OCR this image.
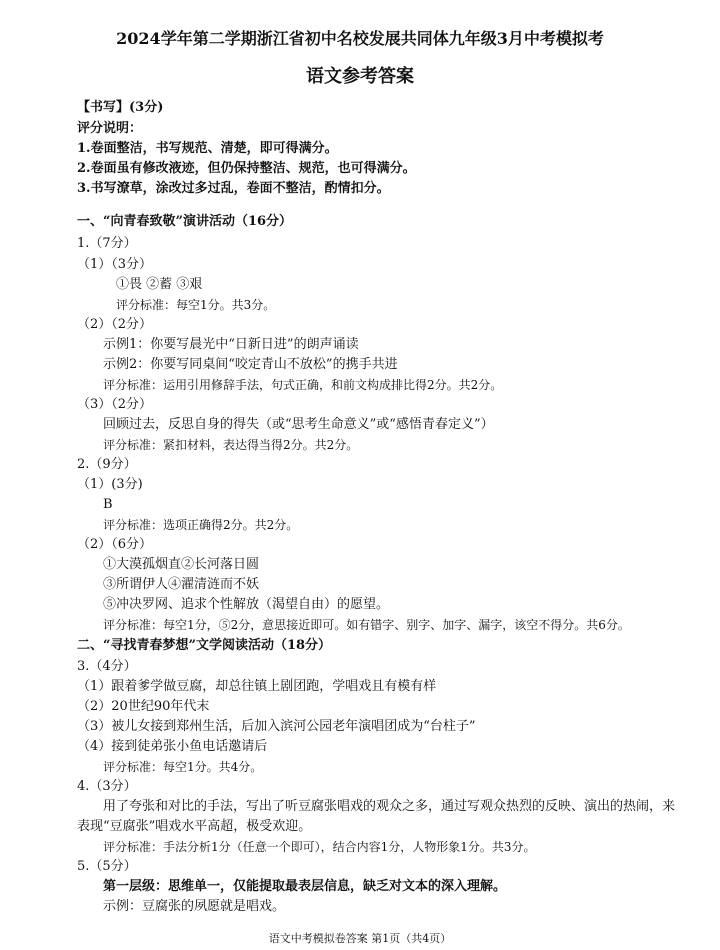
2024学年第二学期浙江省初中名校发展共同体九年级3月中考模拟考
语文参考答案
【书写】(3分)
评分说明：
1.卷面整洁，书写规范、清楚，即可得满分。
2.卷面虽有修改液迹，但仍保持整洁、规范，也可得满分。
3.书写潦草，涂改过多过乱，卷面不整洁，酌情扣分。
一、“向青春致敬”演讲活动（16分）
1.（7分）
（1）（3分）
①畏 ②蓄 ③艰
评分标准：每空1分。共3分。
（2）（2分）
示例1：你要写晨光中“日新日进”的朗声诵读
示例2：你要写同桌间“咬定青山不放松”的携手共进
评分标准：运用引用修辞手法，句式正确，和前文构成排比得2分。共2分。
（3）（2分）
回顾过去，反思自身的得失（或“思考生命意义”或“感悟青春定义”）
评分标准：紧扣材料，表达得当得2分。共2分。
2.（9分）
（1）(3分)
B
评分标准：选项正确得2分。共2分。
（2）（6分）
①大漠孤烟直②长河落日圆
③所谓伊人④濯清涟而不妖
⑤冲决罗网、追求个性解放（渴望自由）的愿望。
评分标准：每空1分，⑤2分，意思接近即可。如有错字、别字、加字、漏字，该空不得分。共6分。
二、“寻找青春梦想”文学阅读活动（18分）
3.（4分）
（1）跟着爹学做豆腐，却总往镇上剧团跑，学唱戏且有模有样
（2）20世纪90年代末
（3）被儿女接到郑州生活，后加入滨河公园老年演唱团成为“台柱子”
（4）接到徒弟张小鱼电话邀请后
评分标准：每空1分。共4分。
4.（3分）
用了夸张和对比的手法，写出了听豆腐张唱戏的观众之多，通过写观众热烈的反映、演出的热闹，来
表现“豆腐张”唱戏水平高超，极受欢迎。
评分标准：手法分析1分（任意一个即可），结合内容1分，人物形象1分。共3分。
5.（5分）
第一层级：思维单一，仅能提取最表层信息，缺乏对文本的深入理解。
示例：豆腐张的夙愿就是唱戏。
语文中考模拟卷答案 第1页（共4页）
